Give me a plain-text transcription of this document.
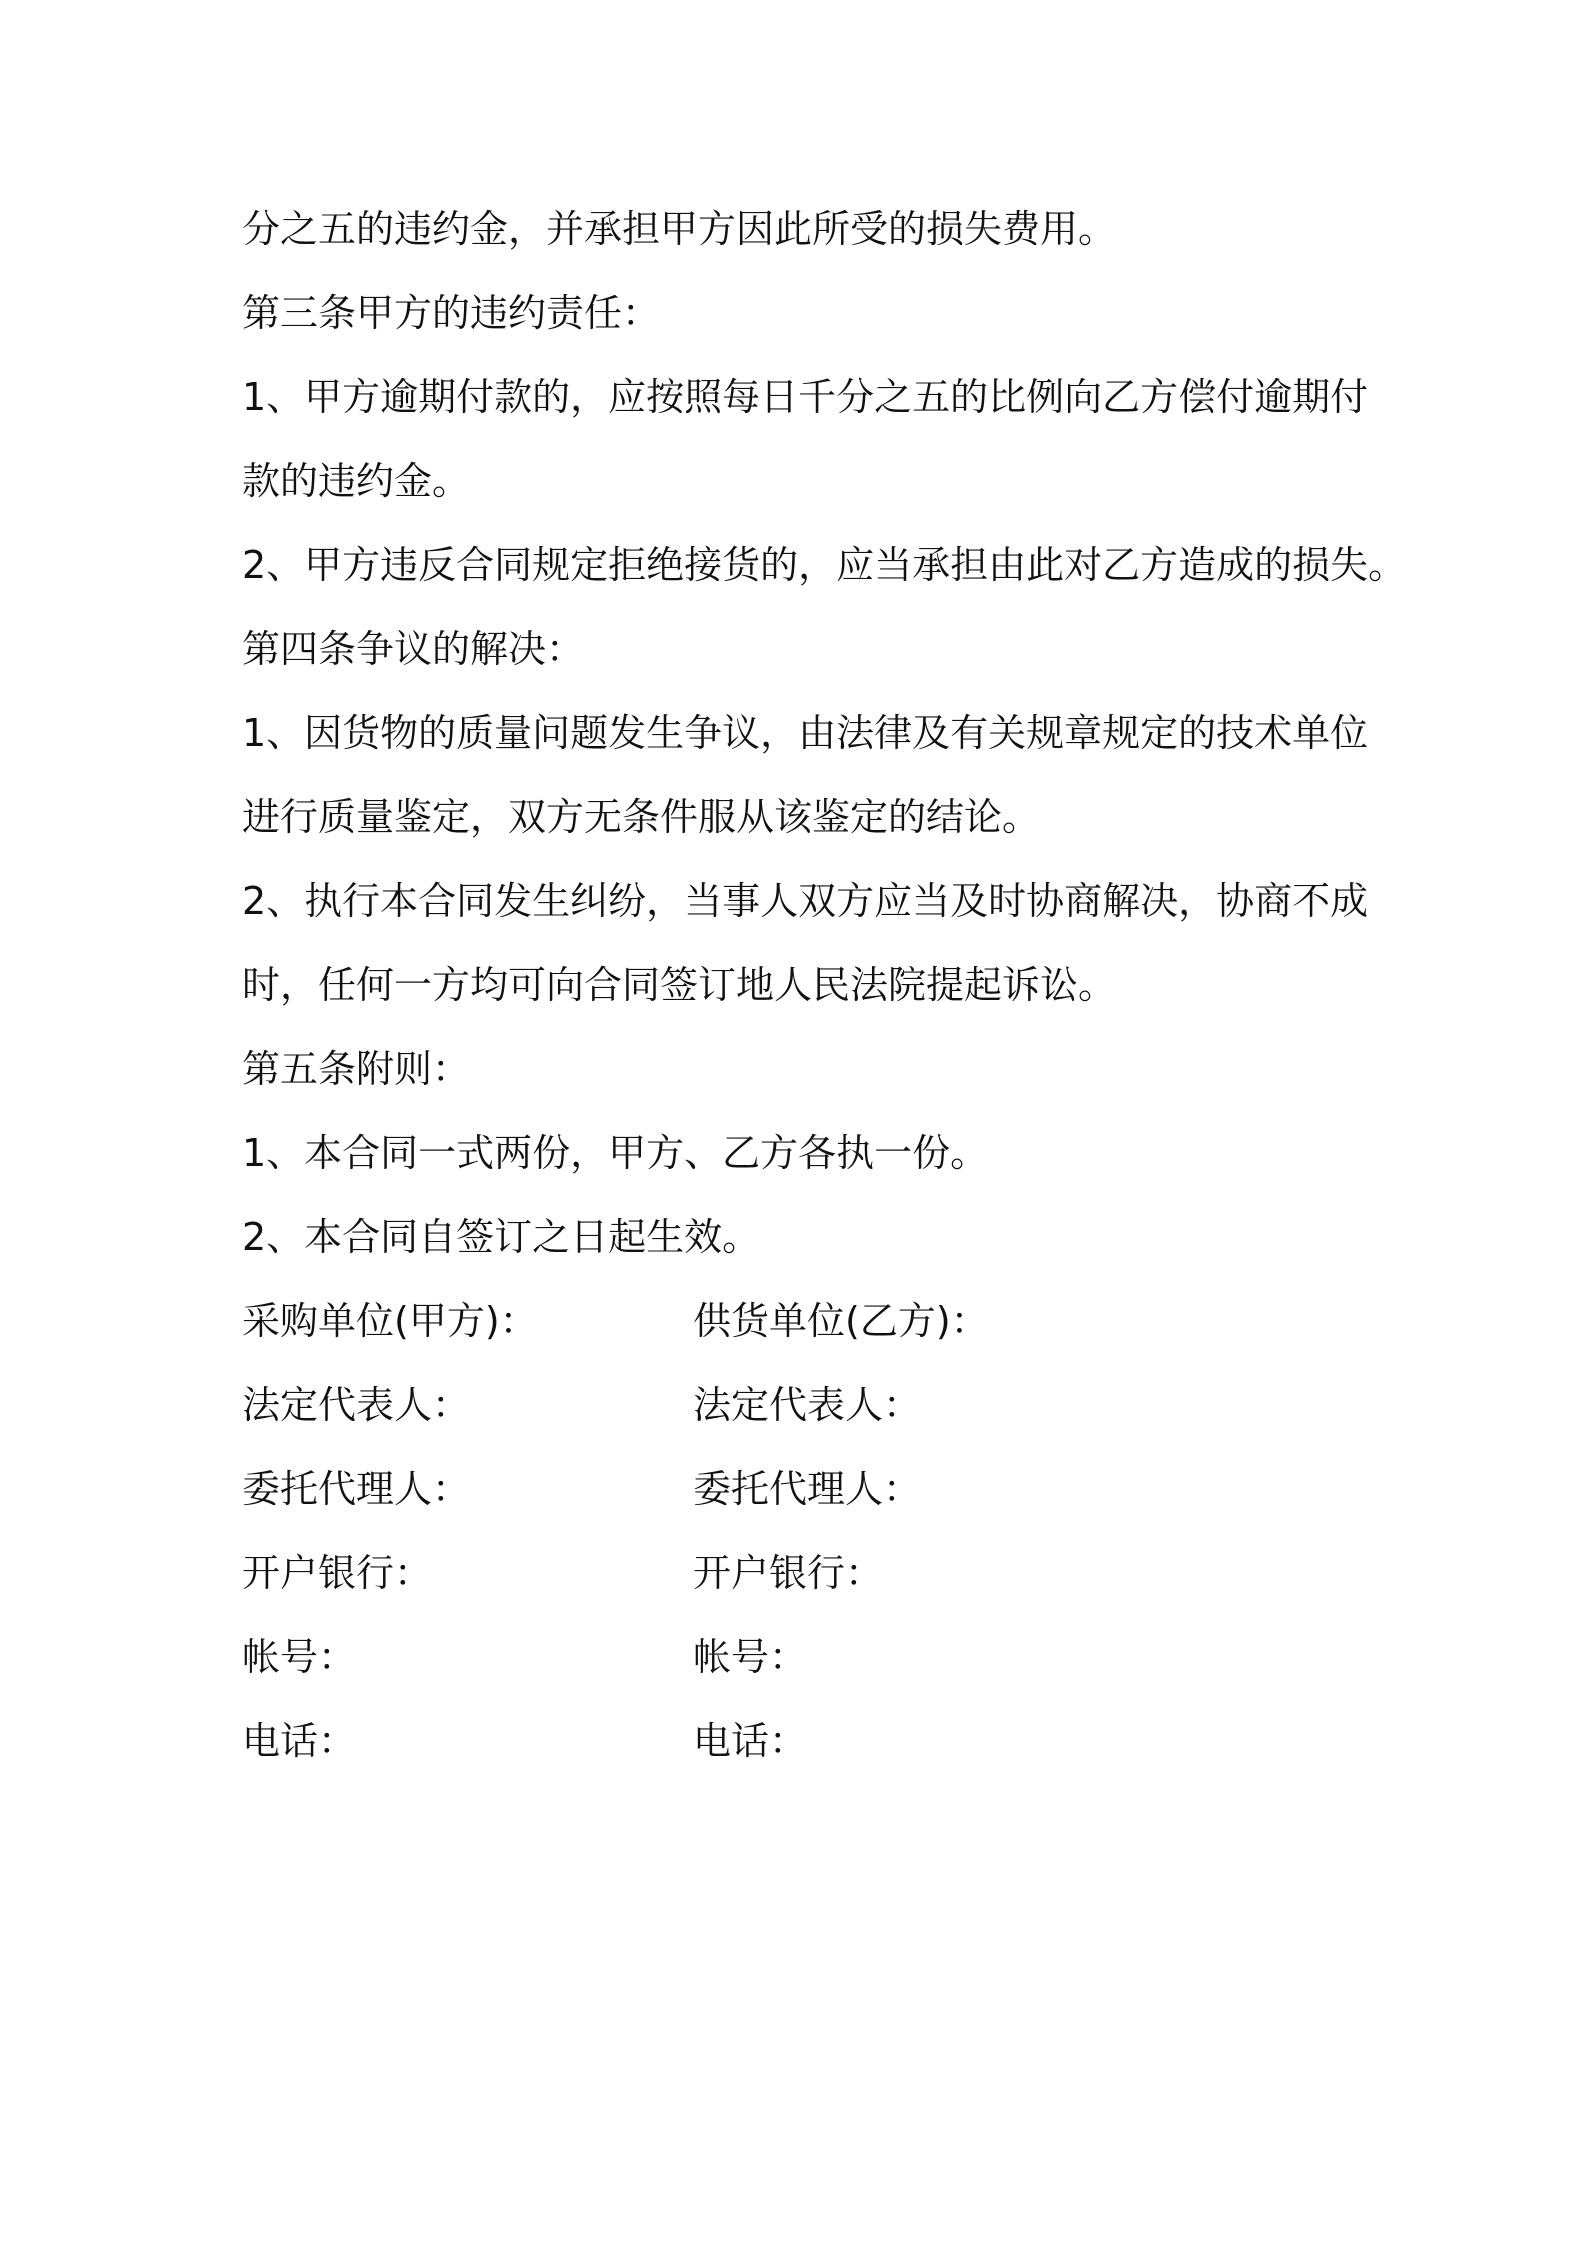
分之五的违约金，并承担甲方因此所受的损失费用。
第三条甲方的违约责任：
1、甲方逾期付款的，应按照每日千分之五的比例向乙方偿付逾期付
款的违约金。
2、甲方违反合同规定拒绝接货的，应当承担由此对乙方造成的损失。
第四条争议的解决：
1、因货物的质量问题发生争议，由法律及有关规章规定的技术单位
进行质量鉴定，双方无条件服从该鉴定的结论。
2、执行本合同发生纠纷，当事人双方应当及时协商解决，协商不成
时，任何一方均可向合同签订地人民法院提起诉讼。
第五条附则：
1、本合同一式两份，甲方、乙方各执一份。
2、本合同自签订之日起生效。
采购单位(甲方)：	供货单位(乙方)：
法定代表人：	法定代表人：
委托代理人：	委托代理人：
开户银行：	开户银行：
帐号：	帐号：
电话：	电话：
